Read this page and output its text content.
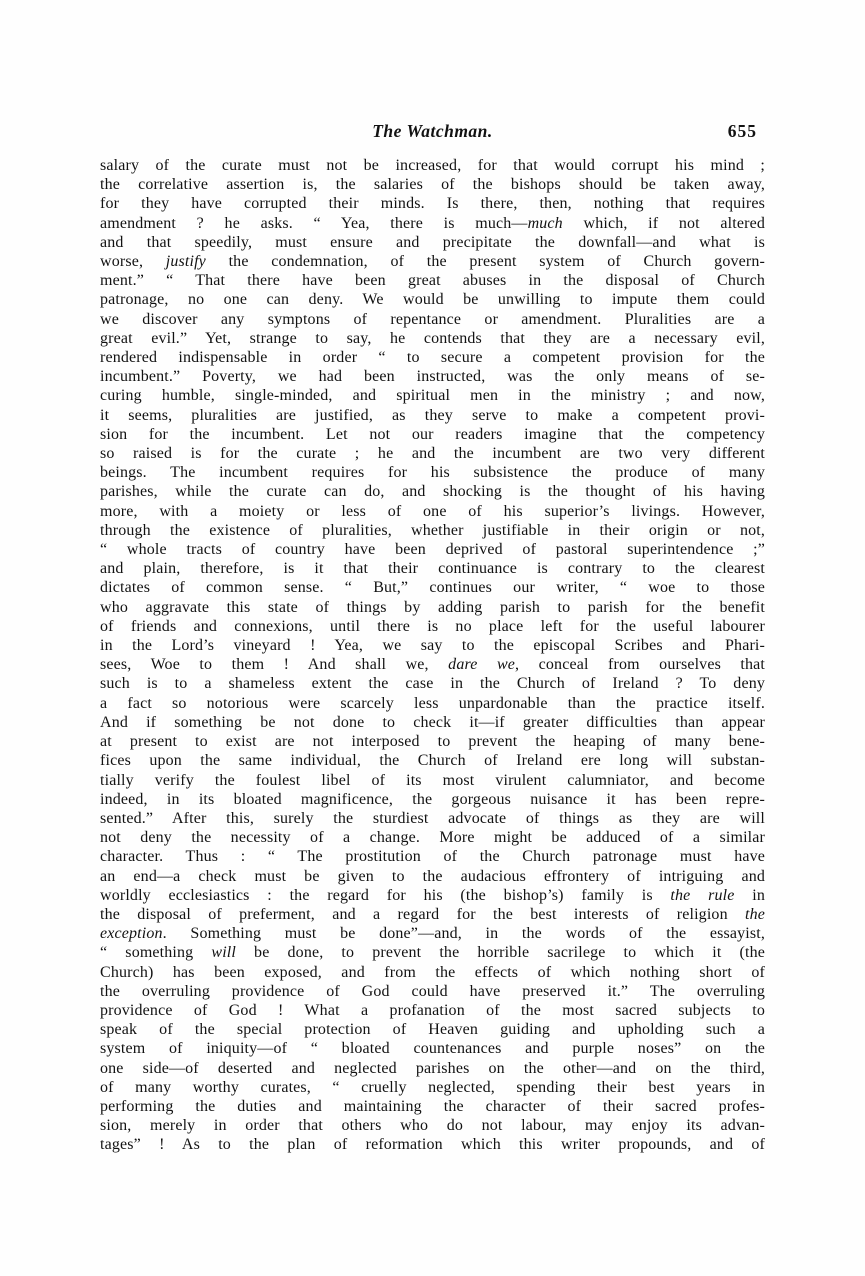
The Watchman.	655
salary of the curate must not be increased, for that would corrupt his mind ;
the correlative assertion is, the salaries of the bishops should be taken away,
for they have corrupted their minds. Is there, then, nothing that requires
amendment ? he asks. “ Yea, there is much—much which, if not altered
and that speedily, must ensure and precipitate the downfall—and what is
worse, justify the condemnation, of the present system of Church govern-
ment.” “ That there have been great abuses in the disposal of Church
patronage, no one can deny. We would be unwilling to impute them could
we discover any symptons of repentance or amendment. Pluralities are a
great evil.” Yet, strange to say, he contends that they are a necessary evil,
rendered indispensable in order “ to secure a competent provision for the
incumbent.” Poverty, we had been instructed, was the only means of se-
curing humble, single-minded, and spiritual men in the ministry ; and now,
it seems, pluralities are justified, as they serve to make a competent provi-
sion for the incumbent. Let not our readers imagine that the competency
so raised is for the curate ; he and the incumbent are two very different
beings. The incumbent requires for his subsistence the produce of many
parishes, while the curate can do, and shocking is the thought of his having
more, with a moiety or less of one of his superior’s livings. However,
through the existence of pluralities, whether justifiable in their origin or not,
“ whole tracts of country have been deprived of pastoral superintendence ;”
and plain, therefore, is it that their continuance is contrary to the clearest
dictates of common sense. “ But,” continues our writer, “ woe to those
who aggravate this state of things by adding parish to parish for the benefit
of friends and connexions, until there is no place left for the useful labourer
in the Lord’s vineyard ! Yea, we say to the episcopal Scribes and Phari-
sees, Woe to them ! And shall we, dare we, conceal from ourselves that
such is to a shameless extent the case in the Church of Ireland ? To deny
a fact so notorious were scarcely less unpardonable than the practice itself.
And if something be not done to check it—if greater difficulties than appear
at present to exist are not interposed to prevent the heaping of many bene-
fices upon the same individual, the Church of Ireland ere long will substan-
tially verify the foulest libel of its most virulent calumniator, and become
indeed, in its bloated magnificence, the gorgeous nuisance it has been repre-
sented.” After this, surely the sturdiest advocate of things as they are will
not deny the necessity of a change. More might be adduced of a similar
character. Thus : “ The prostitution of the Church patronage must have
an end—a check must be given to the audacious effrontery of intriguing and
worldly ecclesiastics : the regard for his (the bishop’s) family is the rule in
the disposal of preferment, and a regard for the best interests of religion the
exception. Something must be done”—and, in the words of the essayist,
“ something will be done, to prevent the horrible sacrilege to which it (the
Church) has been exposed, and from the effects of which nothing short of
the overruling providence of God could have preserved it.” The overruling
providence of God ! What a profanation of the most sacred subjects to
speak of the special protection of Heaven guiding and upholding such a
system of iniquity—of “ bloated countenances and purple noses” on the
one side—of deserted and neglected parishes on the other—and on the third,
of many worthy curates, “ cruelly neglected, spending their best years in
performing the duties and maintaining the character of their sacred profes-
sion, merely in order that others who do not labour, may enjoy its advan-
tages” ! As to the plan of reformation which this writer propounds, and of
